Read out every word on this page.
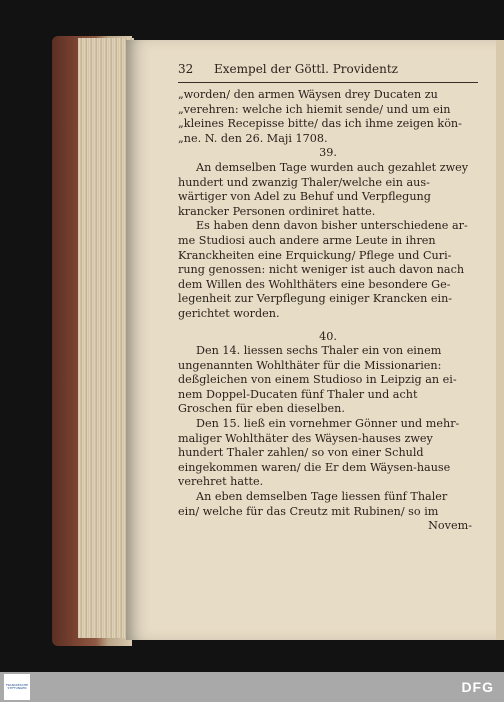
32	Exempel der Göttl. Providentz
„worden/ den armen Wäysen drey Ducaten zu
„verehren: welche ich hiemit sende/ und um ein
„kleines Recepisse bitte/ das ich ihme zeigen kön-
„ne. N. den 26. Maji 1708.
39.
An demselben Tage wurden auch gezahlet zwey
hundert und zwanzig Thaler/welche ein aus-
wärtiger von Adel zu Behuf und Verpflegung
krancker Personen ordiniret hatte.
Es haben denn davon bisher unterschiedene ar-
me Studiosi auch andere arme Leute in ihren
Kranckheiten eine Erquickung/ Pflege und Curi-
rung genossen: nicht weniger ist auch davon nach
dem Willen des Wohlthäters eine besondere Ge-
legenheit zur Verpflegung einiger Krancken ein-
gerichtet worden.
40.
Den 14. liessen sechs Thaler ein von einem
ungenannten Wohlthäter für die Missionarien:
deßgleichen von einem Studioso in Leipzig an ei-
nem Doppel-Ducaten fünf Thaler und acht
Groschen für eben dieselben.
Den 15. ließ ein vornehmer Gönner und mehr-
maliger Wohlthäter des Wäysen-hauses zwey
hundert Thaler zahlen/ so von einer Schuld
eingekommen waren/ die Er dem Wäysen-hause
verehret hatte.
An eben demselben Tage liessen fünf Thaler
ein/ welche für das Creutz mit Rubinen/ so im
Novem-
FRANCKESCHE STIFTUNGEN	DFG
